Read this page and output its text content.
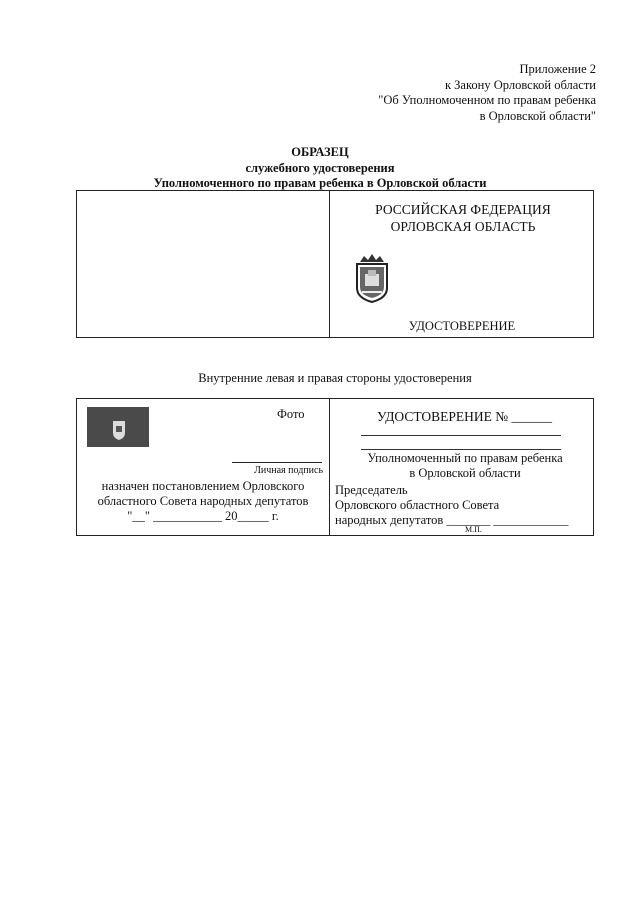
Приложение 2
к Закону Орловской области
"Об Уполномоченном по правам ребенка
в Орловской области"
ОБРАЗЕЦ
служебного удостоверения
Уполномоченного по правам ребенка в Орловской области
РОССИЙСКАЯ ФЕДЕРАЦИЯ
ОРЛОВСКАЯ ОБЛАСТЬ
УДОСТОВЕРЕНИЕ
Внутренние левая и правая стороны удостоверения
Фото
Личная подпись
назначен постановлением Орловского
областного Совета народных депутатов
"__" ___________ 20_____ г.
УДОСТОВЕРЕНИЕ № ______
Уполномоченный по правам ребенка
в Орловской области
Председатель
Орловского областного Совета
народных депутатов _______ ____________
М.П.
